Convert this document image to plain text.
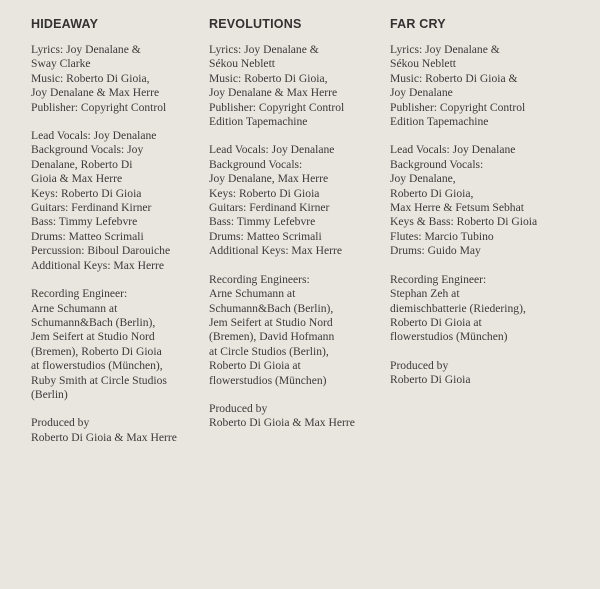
HIDEAWAY
Lyrics: Joy Denalane &
Sway Clarke
Music: Roberto Di Gioia,
Joy Denalane & Max Herre
Publisher: Copyright Control
Lead Vocals: Joy Denalane
Background Vocals: Joy
Denalane, Roberto Di
Gioia & Max Herre
Keys: Roberto Di Gioia
Guitars: Ferdinand Kirner
Bass: Timmy Lefebvre
Drums: Matteo Scrimali
Percussion: Biboul Darouiche
Additional Keys: Max Herre
Recording Engineer:
Arne Schumann at
Schumann&Bach (Berlin),
Jem Seifert at Studio Nord
(Bremen), Roberto Di Gioia
at flowerstudios (München),
Ruby Smith at Circle Studios
(Berlin)
Produced by
Roberto Di Gioia & Max Herre
REVOLUTIONS
Lyrics: Joy Denalane &
Sékou Neblett
Music: Roberto Di Gioia,
Joy Denalane & Max Herre
Publisher: Copyright Control
Edition Tapemachine
Lead Vocals: Joy Denalane
Background Vocals:
Joy Denalane, Max Herre
Keys: Roberto Di Gioia
Guitars: Ferdinand Kirner
Bass: Timmy Lefebvre
Drums: Matteo Scrimali
Additional Keys: Max Herre
Recording Engineers:
Arne Schumann at
Schumann&Bach (Berlin),
Jem Seifert at Studio Nord
(Bremen), David Hofmann
at Circle Studios (Berlin),
Roberto Di Gioia at
flowerstudios (München)
Produced by
Roberto Di Gioia & Max Herre
FAR CRY
Lyrics: Joy Denalane &
Sékou Neblett
Music: Roberto Di Gioia &
Joy Denalane
Publisher: Copyright Control
Edition Tapemachine
Lead Vocals: Joy Denalane
Background Vocals:
Joy Denalane,
Roberto Di Gioia,
Max Herre & Fetsum Sebhat
Keys & Bass: Roberto Di Gioia
Flutes: Marcio Tubino
Drums: Guido May
Recording Engineer:
Stephan Zeh at
diemischbatterie (Riedering),
Roberto Di Gioia at
flowerstudios (München)
Produced by
Roberto Di Gioia
